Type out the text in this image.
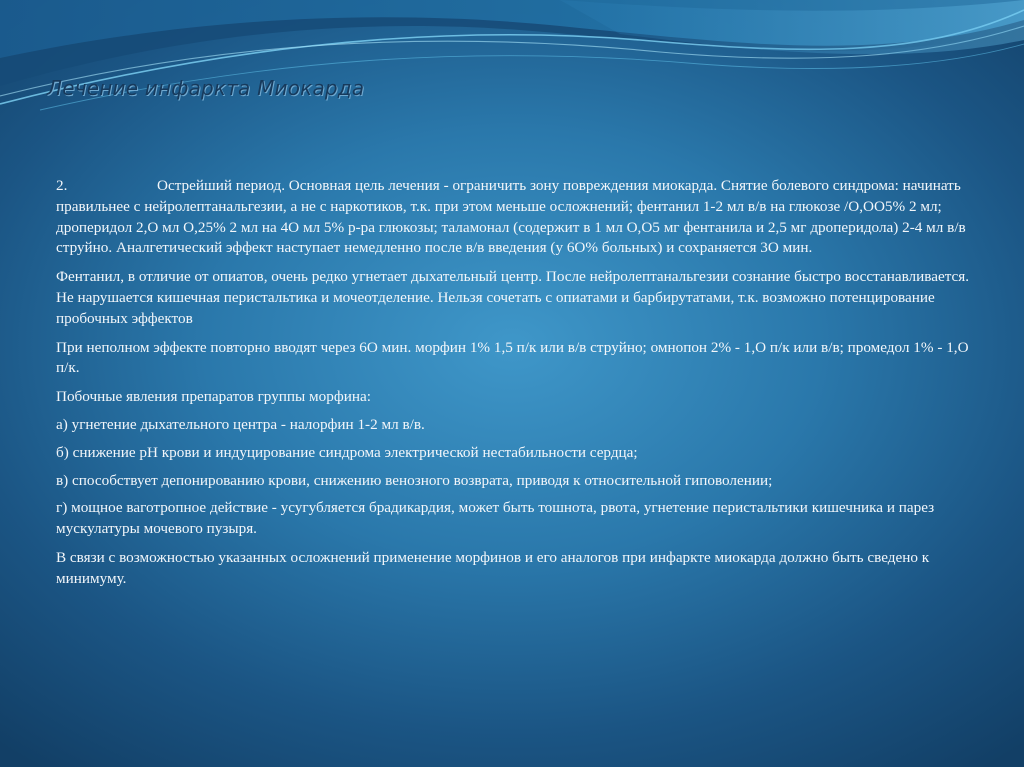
Лечение инфаркта Миокарда

2.	Острейший период. Основная цель лечения - ограничить зону повреждения миокарда. Снятие болевого синдрома: начинать правильнее с нейролептанальгезии, а не с наркотиков, т.к. при этом меньше осложнений; фентанил 1-2 мл в/в на глюкозе /О,ОО5% 2 мл; дроперидол 2,О мл О,25% 2 мл на 4О мл 5% р-ра глюкозы; таламонал (содержит в 1 мл О,О5 мг фентанила и 2,5 мг дроперидола) 2-4 мл в/в струйно. Аналгетический эффект наступает немедленно после в/в введения (у 6О% больных) и сохраняется 3О мин.

Фентанил, в отличие от опиатов, очень редко угнетает дыхательный центр. После нейролептанальгезии сознание быстро восстанавливается. Не нарушается кишечная перистальтика и мочеотделение. Нельзя сочетать с опиатами и барбирутатами, т.к. возможно потенцирование пробочных эффектов

При неполном эффекте повторно вводят через 6О мин. морфин 1% 1,5 п/к или в/в струйно; омнопон 2% - 1,О п/к или в/в; промедол 1% - 1,О п/к.

Побочные явления препаратов группы морфина:

а) угнетение дыхательного центра - налорфин 1-2 мл в/в.

б) снижение рН крови и индуцирование синдрома электрической нестабильности сердца;

в) способствует депонированию крови, снижению венозного возврата, приводя к относительной гиповолении;

г) мощное ваготропное действие - усугубляется брадикардия, может быть тошнота, рвота, угнетение перистальтики кишечника и парез мускулатуры мочевого пузыря.

В связи с возможностью указанных осложнений применение морфинов и его аналогов при инфаркте миокарда должно быть сведено к минимуму.
